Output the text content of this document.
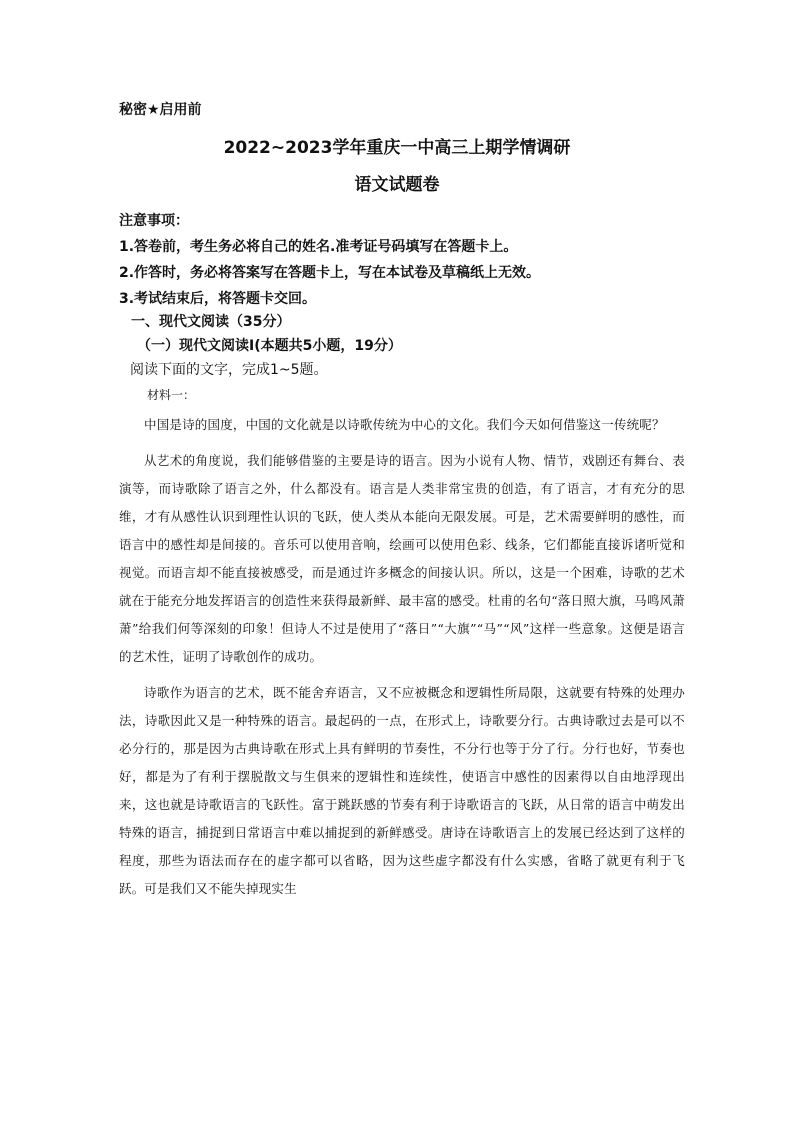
秘密★启用前
2022~2023学年重庆一中高三上期学情调研
语文试题卷
注意事项：
1.答卷前，考生务必将自己的姓名.准考证号码填写在答题卡上。
2.作答时，务必将答案写在答题卡上，写在本试卷及草稿纸上无效。
3.考试结束后，将答题卡交回。
一、现代文阅读（35分）
（一）现代文阅读Ⅰ(本题共5小题，19分）
阅读下面的文字，完成1~5题。
材料一：

中国是诗的国度，中国的文化就是以诗歌传统为中心的文化。我们今天如何借鉴这一传统呢？

从艺术的角度说，我们能够借鉴的主要是诗的语言。因为小说有人物、情节，戏剧还有舞台、表演等，而诗歌除了语言之外，什么都没有。语言是人类非常宝贵的创造，有了语言，才有充分的思维，才有从感性认识到理性认识的飞跃，使人类从本能向无限发展。可是，艺术需要鲜明的感性，而语言中的感性却是间接的。音乐可以使用音响，绘画可以使用色彩、线条，它们都能直接诉诸听觉和视觉。而语言却不能直接被感受，而是通过许多概念的间接认识。所以，这是一个困难，诗歌的艺术就在于能充分地发挥语言的创造性来获得最新鲜、最丰富的感受。杜甫的名句“落日照大旗，马鸣风萧萧”给我们何等深刻的印象！但诗人不过是使用了“落日”“大旗”“马”“风”这样一些意象。这便是语言的艺术性，证明了诗歌创作的成功。

诗歌作为语言的艺术，既不能舍弃语言，又不应被概念和逻辑性所局限，这就要有特殊的处理办法，诗歌因此又是一种特殊的语言。最起码的一点，在形式上，诗歌要分行。古典诗歌过去是可以不必分行的，那是因为古典诗歌在形式上具有鲜明的节奏性，不分行也等于分了行。分行也好，节奏也好，都是为了有利于摆脱散文与生俱来的逻辑性和连续性，使语言中感性的因素得以自由地浮现出来，这也就是诗歌语言的飞跃性。富于跳跃感的节奏有利于诗歌语言的飞跃，从日常的语言中萌发出特殊的语言，捕捉到日常语言中难以捕捉到的新鲜感受。唐诗在诗歌语言上的发展已经达到了这样的程度，那些为语法而存在的虚字都可以省略，因为这些虚字都没有什么实感，省略了就更有利于飞跃。可是我们又不能失掉现实生
